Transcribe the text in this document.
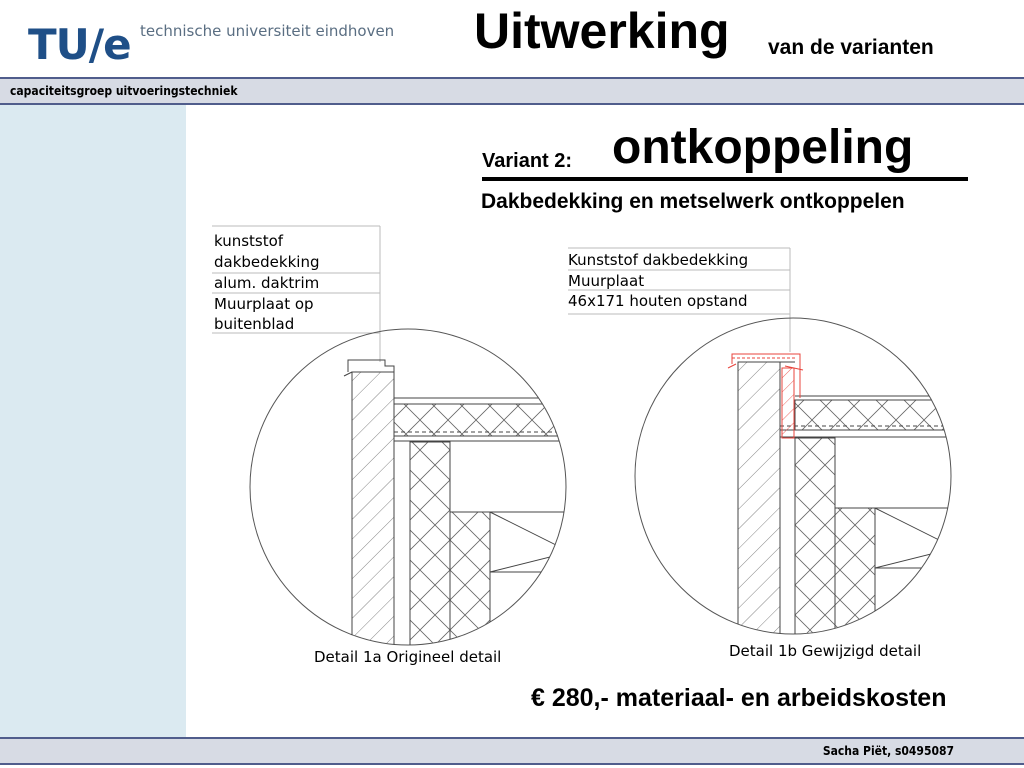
TU/e technische universiteit eindhoven Uitwerking van de varianten
capaciteitsgroep uitvoeringstechniek
Variant 2: ontkoppeling
Dakbedekking en metselwerk ontkoppelen
kunststof
dakbedekking
alum. daktrim
Muurplaat op
buitenblad
Detail 1a Origineel detail
Kunststof dakbedekking
Muurplaat
46x171 houten opstand
Detail 1b Gewijzigd detail
€ 280,- materiaal- en arbeidskosten
Sacha Piët, s0495087
